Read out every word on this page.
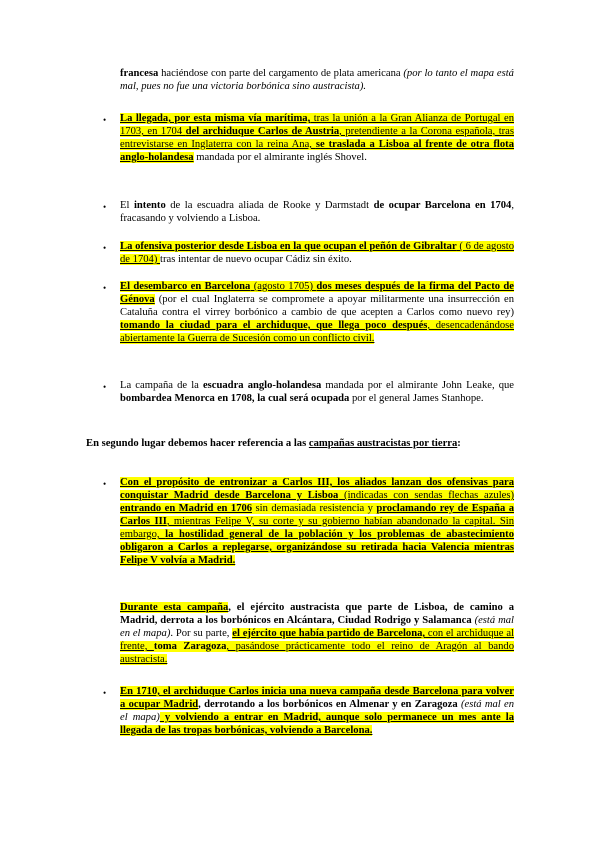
francesa haciéndose con parte del cargamento de plata americana (por lo tanto el mapa está mal, pues no fue una victoria borbónica sino austracista).
• La llegada, por esta misma vía marítima, tras la unión a la Gran Alianza de Portugal en 1703, en 1704 del archiduque Carlos de Austria, pretendiente a la Corona española, tras entrevistarse en Inglaterra con la reina Ana, se traslada a Lisboa al frente de otra flota anglo-holandesa mandada por el almirante inglés Shovel.
• El intento de la escuadra aliada de Rooke y Darmstadt de ocupar Barcelona en 1704, fracasando y volviendo a Lisboa.
• La ofensiva posterior desde Lisboa en la que ocupan el peñón de Gibraltar ( 6 de agosto de 1704) tras intentar de nuevo ocupar Cádiz sin éxito.
• El desembarco en Barcelona (agosto 1705) dos meses después de la firma del Pacto de Génova (por el cual Inglaterra se compromete a apoyar militarmente una insurrección en Cataluña contra el virrey borbónico a cambio de que acepten a Carlos como nuevo rey) tomando la ciudad para el archiduque, que llega poco después, desencadenándose abiertamente la Guerra de Sucesión como un conflicto civil.
• La campaña de la escuadra anglo-holandesa mandada por el almirante John Leake, que bombardea Menorca en 1708, la cual será ocupada por el general James Stanhope.
En segundo lugar debemos hacer referencia a las campañas austracistas por tierra:
• Con el propósito de entronizar a Carlos III, los aliados lanzan dos ofensivas para conquistar Madrid desde Barcelona y Lisboa (indicadas con sendas flechas azules) entrando en Madrid en 1706 sin demasiada resistencia y proclamando rey de España a Carlos III, mientras Felipe V, su corte y su gobierno habían abandonado la capital. Sin embargo, la hostilidad general de la población y los problemas de abastecimiento obligaron a Carlos a replegarse, organizándose su retirada hacia Valencia mientras Felipe V volvía a Madrid.
Durante esta campaña, el ejército austracista que parte de Lisboa, de camino a Madrid, derrota a los borbónicos en Alcántara, Ciudad Rodrigo y Salamanca (está mal en el mapa). Por su parte, el ejército que había partido de Barcelona, con el archiduque al frente, toma Zaragoza, pasándose prácticamente todo el reino de Aragón al bando austracista.
• En 1710, el archiduque Carlos inicia una nueva campaña desde Barcelona para volver a ocupar Madrid, derrotando a los borbónicos en Almenar y en Zaragoza (está mal en el mapa) y volviendo a entrar en Madrid, aunque solo permanece un mes ante la llegada de las tropas borbónicas, volviendo a Barcelona.
